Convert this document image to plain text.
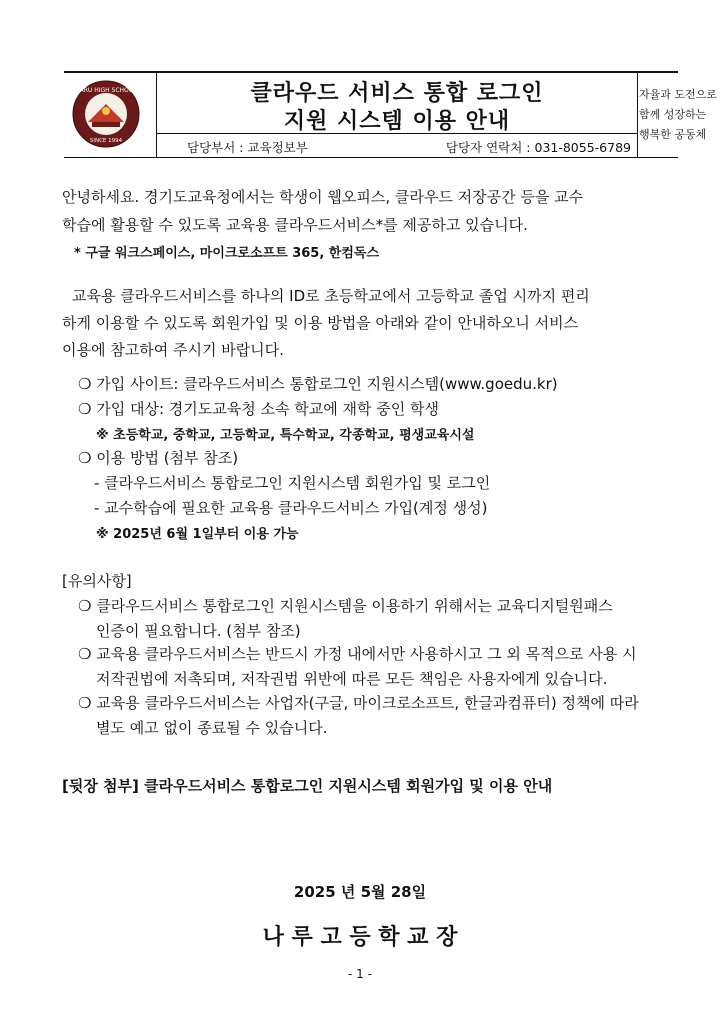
NARU HIGH SCHOOL
SINCE 1994
클라우드 서비스 통합 로그인
지원 시스템 이용 안내
담당부서 : 교육정보부	담당자 연락처 : 031-8055-6789
자율과 도전으로
함께 성장하는
행복한 공동체
안녕하세요. 경기도교육청에서는 학생이 웹오피스, 클라우드 저장공간 등을 교수
학습에 활용할 수 있도록 교육용 클라우드서비스*를 제공하고 있습니다.
* 구글 워크스페이스, 마이크로소프트 365, 한컴독스
교육용 클라우드서비스를 하나의 ID로 초등학교에서 고등학교 졸업 시까지 편리
하게 이용할 수 있도록 회원가입 및 이용 방법을 아래와 같이 안내하오니 서비스
이용에 참고하여 주시기 바랍니다.
❍ 가입 사이트: 클라우드서비스 통합로그인 지원시스템(www.goedu.kr)
❍ 가입 대상: 경기도교육청 소속 학교에 재학 중인 학생
※ 초등학교, 중학교, 고등학교, 특수학교, 각종학교, 평생교육시설
❍ 이용 방법 (첨부 참조)
- 클라우드서비스 통합로그인 지원시스템 회원가입 및 로그인
- 교수학습에 필요한 교육용 클라우드서비스 가입(계정 생성)
※ 2025년 6월 1일부터 이용 가능
[유의사항]
❍ 클라우드서비스 통합로그인 지원시스템을 이용하기 위해서는 교육디지털원패스
인증이 필요합니다. (첨부 참조)
❍ 교육용 클라우드서비스는 반드시 가정 내에서만 사용하시고 그 외 목적으로 사용 시
저작권법에 저촉되며, 저작권법 위반에 따른 모든 책임은 사용자에게 있습니다.
❍ 교육용 클라우드서비스는 사업자(구글, 마이크로소프트, 한글과컴퓨터) 정책에 따라
별도 예고 없이 종료될 수 있습니다.
[뒷장 첨부] 클라우드서비스 통합로그인 지원시스템 회원가입 및 이용 안내
2025 년 5월 28일
나 루 고 등 학 교 장
- 1 -
